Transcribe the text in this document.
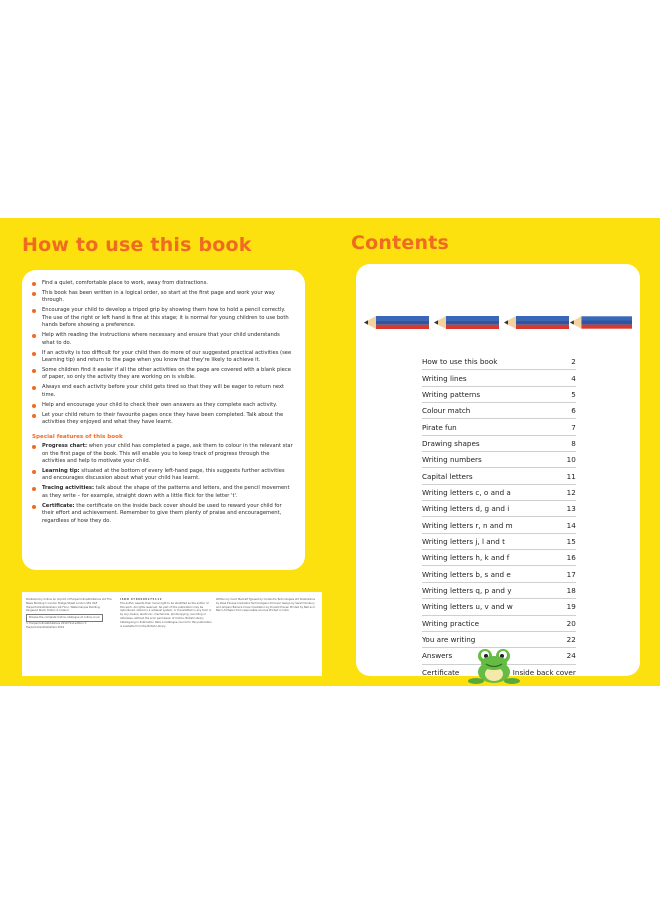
How to use this book
Find a quiet, comfortable place to work, away from distractions.
This book has been written in a logical order, so start at the first page and work your way through.
Encourage your child to develop a tripod grip by showing them how to hold a pencil correctly. The use of the right or left hand is fine at this stage; it is normal for young children to use both hands before showing a preference.
Help with reading the instructions where necessary and ensure that your child understands what to do.
If an activity is too difficult for your child then do more of our suggested practical activities (see Learning tip) and return to the page when you know that they're likely to achieve it.
Some children find it easier if all the other activities on the page are covered with a blank piece of paper, so only the activity they are working on is visible.
Always end each activity before your child gets tired so that they will be eager to return next time.
Help and encourage your child to check their own answers as they complete each activity.
Let your child return to their favourite pages once they have been completed. Talk about the activities they enjoyed and what they have learnt.
Special features of this book
Progress chart: when your child has completed a page, ask them to colour in the relevant star on the first page of the book. This will enable you to keep track of progress through the activities and help to motivate your child.
Learning tip: situated at the bottom of every left-hand page, this suggests further activities and encourages discussion about what your child has learnt.
Tracing activities: talk about the shape of the patterns and letters, and the pencil movement as they write – for example, straight down with a little flick for the letter 't'.
Certificate: the certificate on the inside back cover should be used to reward your child for their effort and achievement. Remember to give them plenty of praise and encouragement, regardless of how they do.
Published by Collins An imprint of HarperCollinsPublishers Ltd The News Building 1 London Bridge Street London SE1 9GF HarperCollinsPublishers 1st Floor, Watermarque Building, Ringsend Road, Dublin 4, Ireland
Browse the complete Collins catalogue at collins.co.uk
© HarperCollinsPublishers 2019 First edition © HarperCollinsPublishers 2019
ISBN 9780008275112
The author asserts their moral right to be identified as the author of this work. All rights reserved. No part of this publication may be reproduced, stored in a retrieval system, or transmitted in any form or by any means, electronic, mechanical, photocopying, recording or otherwise, without the prior permission of Collins. British Library Cataloguing in Publication Data A Catalogue record for this publication is available from the British Library.
Written by Carol Medcalf Typeset by Contentra Technologies Ltd Illustrations by Rose Elouise Contentra Technologies Ltd Cover design by Sarah Duxbury and Amparo Barrera Cover illustration by Donald Provan Printed by Bell and Bain Ltd Paper from responsible sources Printed in India
Contents
How to use this book	2
Writing lines	4
Writing patterns	5
Colour match	6
Pirate fun	7
Drawing shapes	8
Writing numbers	10
Capital letters	11
Writing letters c, o and a	12
Writing letters d, g and i	13
Writing letters r, n and m	14
Writing letters j, l and t	15
Writing letters h, k and f	16
Writing letters b, s and e	17
Writing letters q, p and y	18
Writing letters u, v and w	19
Writing practice	20
You are writing	22
Answers	24
Certificate	Inside back cover
